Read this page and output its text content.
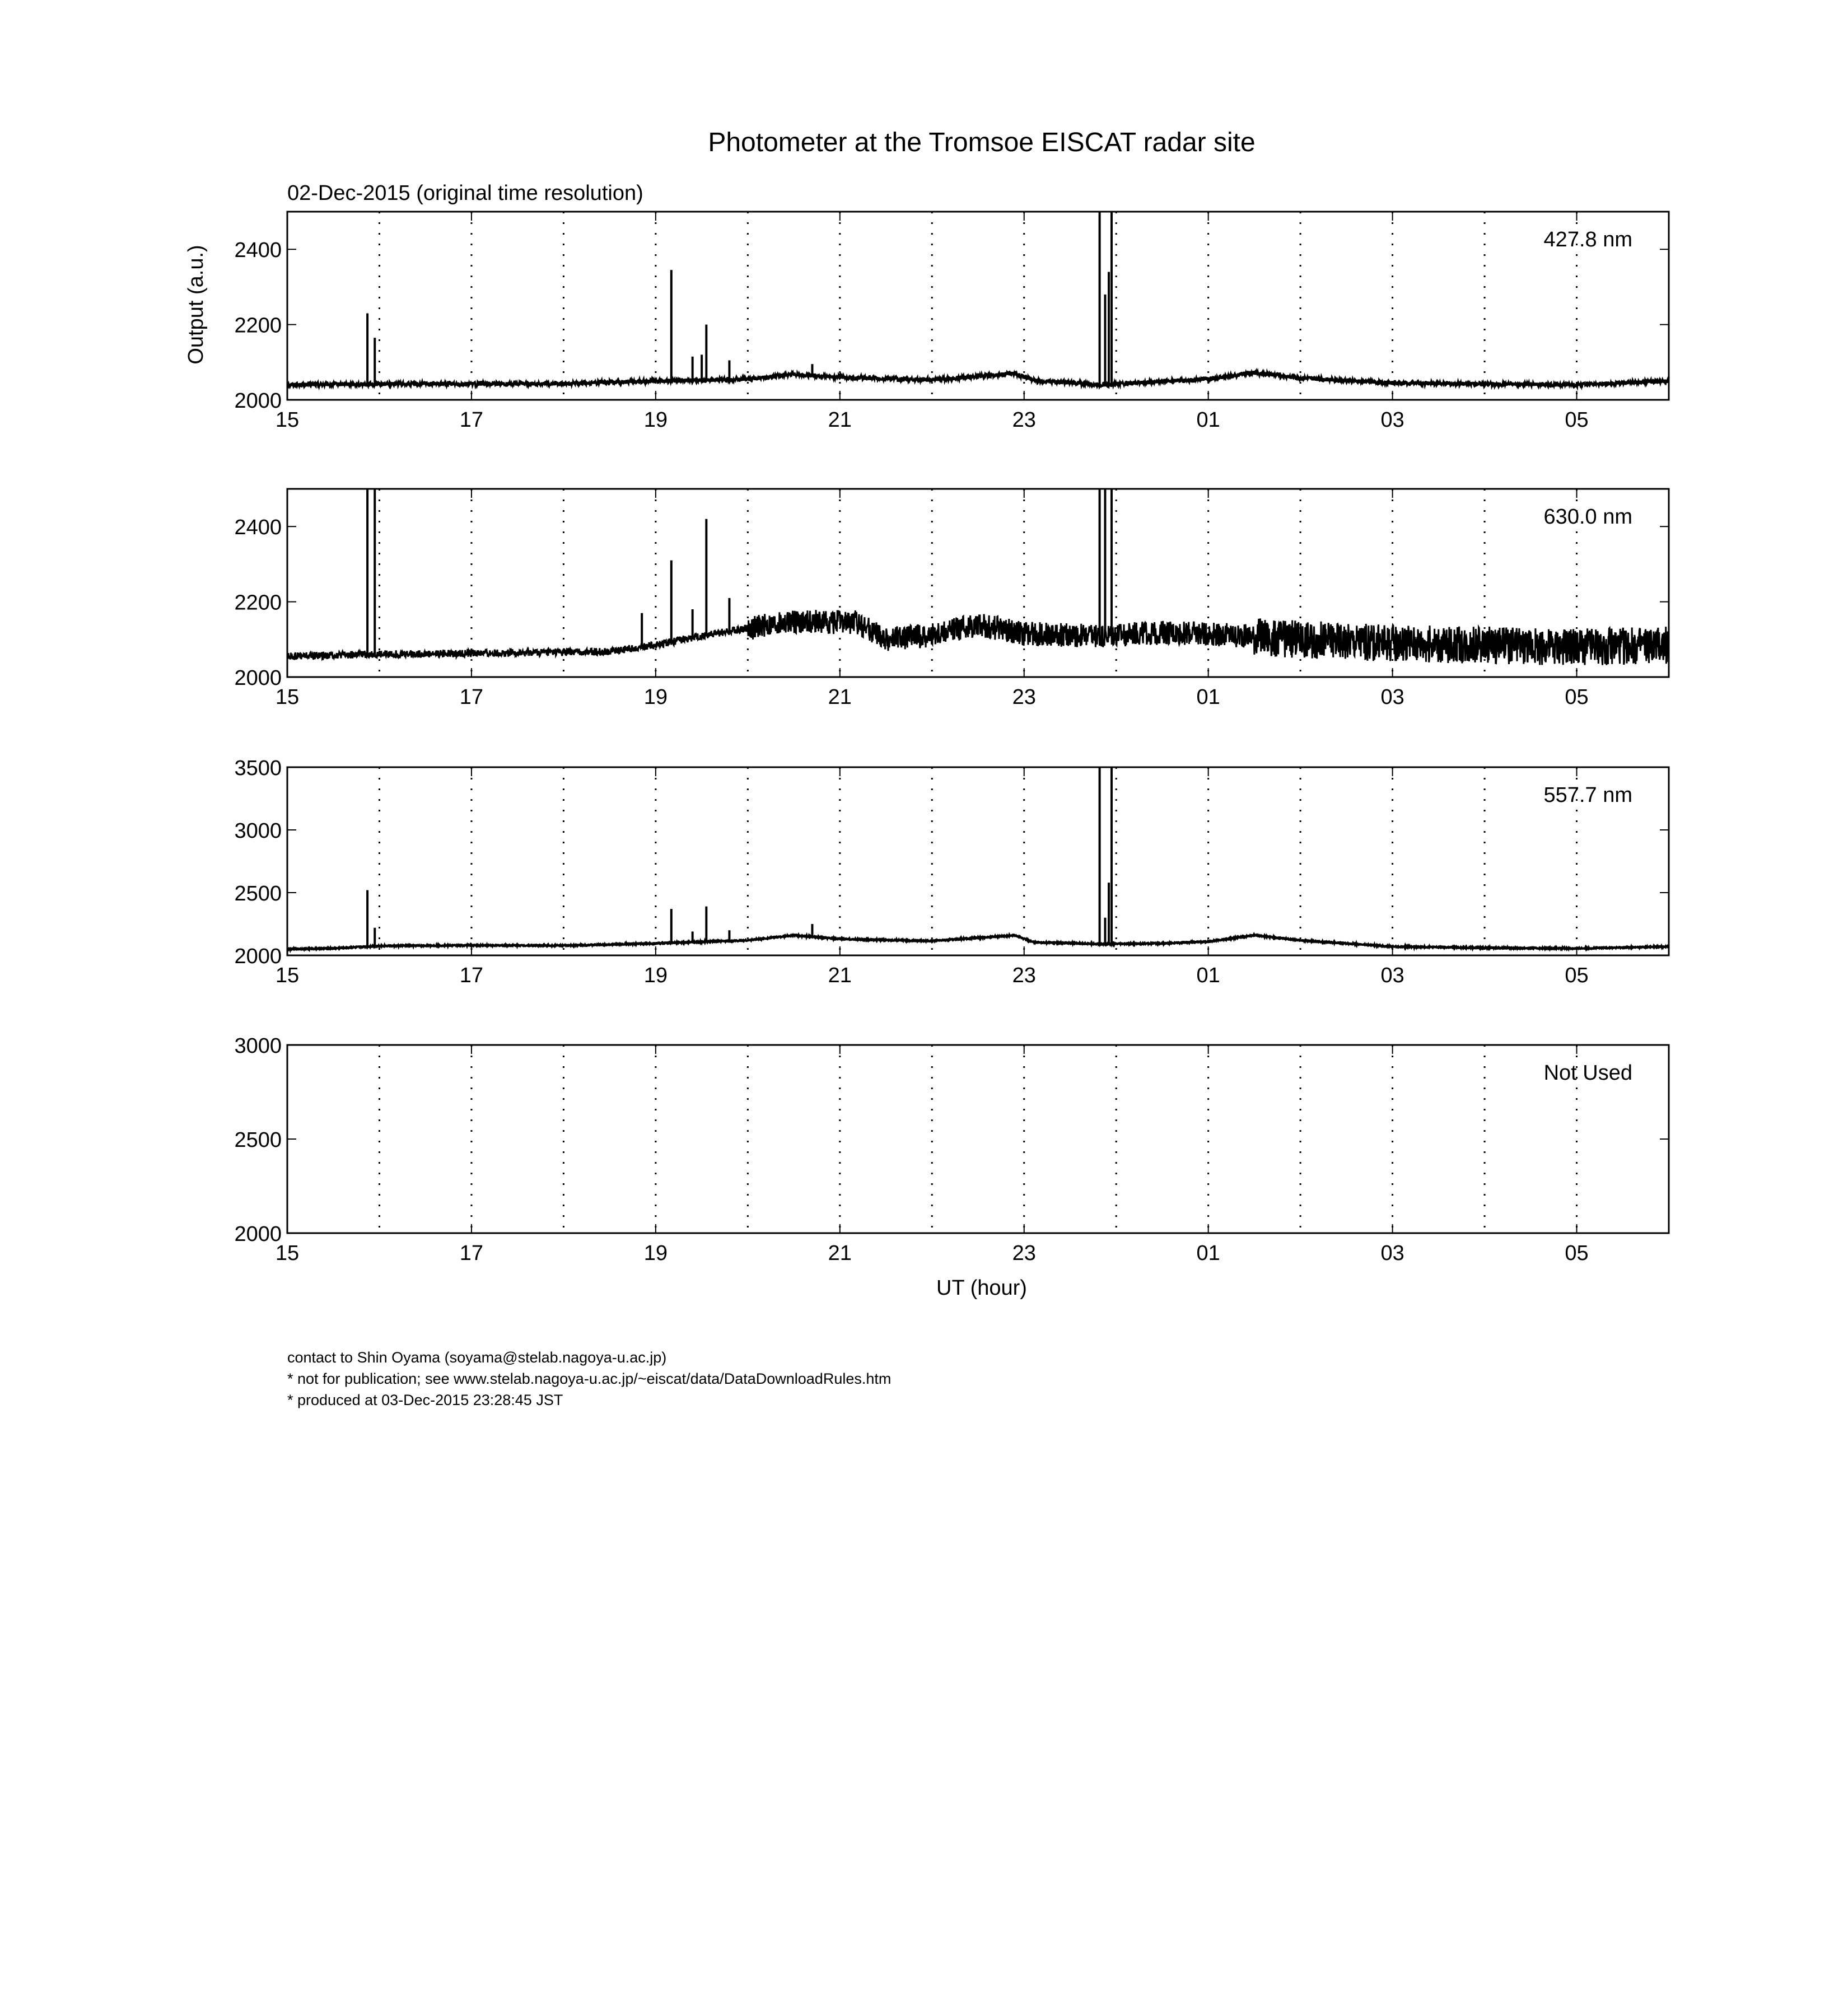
Photometer at the Tromsoe EISCAT radar site
02-Dec-2015 (original time resolution)
Output (a.u.)
UT (hour)
15	17	19	21	23	01	03	05
2000
2200
2400	427.8 nm
15	17	19	21	23	01	03	05
2000
2200
2400	630.0 nm
15	17	19	21	23	01	03	05
2000
2500
3000
3500
557.7 nm
15	17	19	21	23	01	03	05
2000
2500
3000
Not Used
contact to Shin Oyama (soyama@stelab.nagoya-u.ac.jp)
* not for publication; see www.stelab.nagoya-u.ac.jp/~eiscat/data/DataDownloadRules.htm
* produced at 03-Dec-2015 23:28:45 JST
